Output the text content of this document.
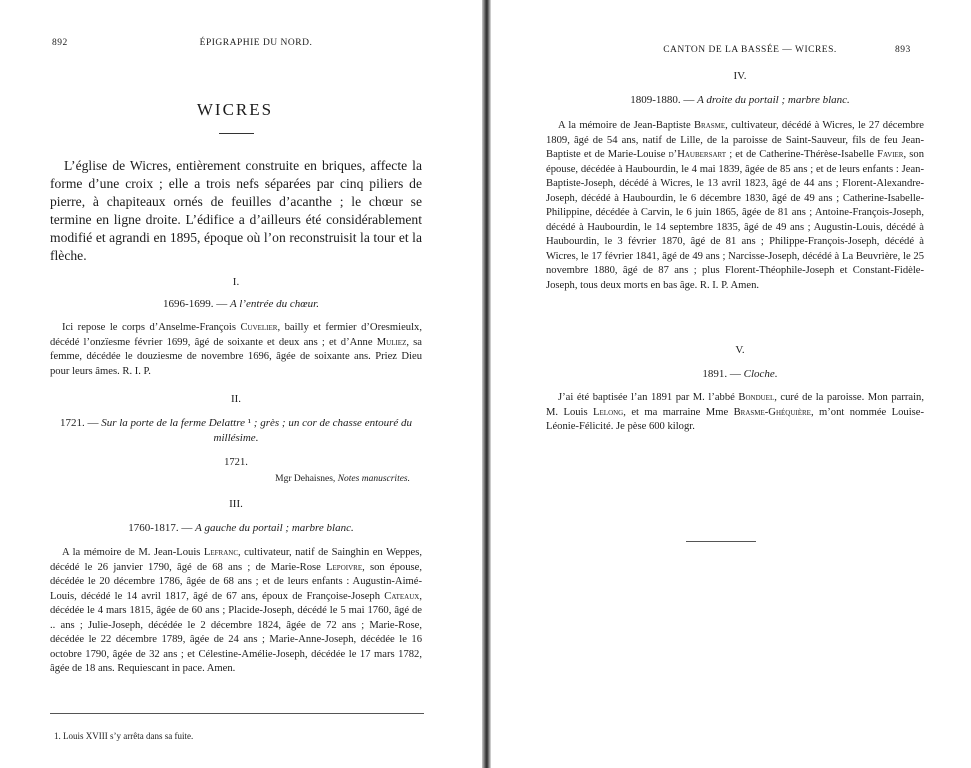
892	ÉPIGRAPHIE DU NORD.
WICRES
L’église de Wicres, entièrement construite en briques, affecte la forme d’une croix ; elle a trois nefs séparées par cinq piliers de pierre, à chapiteaux ornés de feuilles d’acanthe ; le chœur se termine en ligne droite. L’édifice a d’ailleurs été considérablement modifié et agrandi en 1895, époque où l’on reconstruisit la tour et la flèche.
I.
1696-1699. — A l’entrée du chœur.
Ici repose le corps d’Anselme-François Cuvelier, bailly et fermier d’Oresmieulx, décédé l’onzïesme février 1699, âgé de soixante et deux ans ; et d’Anne Muliez, sa femme, décédée le douziesme de novembre 1696, âgée de soixante ans. Priez Dieu pour leurs âmes. R. I. P.
II.
1721. — Sur la porte de la ferme Delattre ¹ ; grès ; un cor de chasse entouré du millésime.
1721.
Mgr Dehaisnes, Notes manuscrites.
III.
1760-1817. — A gauche du portail ; marbre blanc.
A la mémoire de M. Jean-Louis Lefranc, cultivateur, natif de Sainghin en Weppes, décédé le 26 janvier 1790, âgé de 68 ans ; de Marie-Rose Lepoivre, son épouse, décédée le 20 décembre 1786, âgée de 68 ans ; et de leurs enfants : Augustin-Aimé-Louis, décédé le 14 avril 1817, âgé de 67 ans, époux de Françoise-Joseph Cateaux, décédée le 4 mars 1815, âgée de 60 ans ; Placide-Joseph, décédé le 5 mai 1760, âgé de .. ans ; Julie-Joseph, décédée le 2 décembre 1824, âgée de 72 ans ; Marie-Rose, décédée le 22 décembre 1789, âgée de 24 ans ; Marie-Anne-Joseph, décédée le 16 octobre 1790, âgée de 32 ans ; et Célestine-Amélie-Joseph, décédée le 17 mars 1782, âgée de 18 ans. Requiescant in pace. Amen.
1. Louis XVIII s’y arrêta dans sa fuite.
CANTON DE LA BASSÉE — WICRES.	893
IV.
1809-1880. — A droite du portail ; marbre blanc.
A la mémoire de Jean-Baptiste Brasme, cultivateur, décédé à Wicres, le 27 décembre 1809, âgé de 54 ans, natif de Lille, de la paroisse de Saint-Sauveur, fils de feu Jean-Baptiste et de Marie-Louise d’Haubersart ; et de Catherine-Thérèse-Isabelle Favier, son épouse, décédée à Haubourdin, le 4 mai 1839, âgée de 85 ans ; et de leurs enfants : Jean-Baptiste-Joseph, décédé à Wicres, le 13 avril 1823, âgé de 44 ans ; Florent-Alexandre-Joseph, décédé à Haubourdin, le 6 décembre 1830, âgé de 49 ans ; Catherine-Isabelle-Philippine, décédée à Carvin, le 6 juin 1865, âgée de 81 ans ; Antoine-François-Joseph, décédé à Haubourdin, le 14 septembre 1835, âgé de 49 ans ; Augustin-Louis, décédé à Haubourdin, le 3 février 1870, âgé de 81 ans ; Philippe-François-Joseph, décédé à Wicres, le 17 février 1841, âgé de 49 ans ; Narcisse-Joseph, décédé à La Beuvrière, le 25 novembre 1880, âgé de 87 ans ; plus Florent-Théophile-Joseph et Constant-Fidèle-Joseph, tous deux morts en bas âge. R. I. P. Amen.
V.
1891. — Cloche.
J’ai été baptisée l’an 1891 par M. l’abbé Bonduel, curé de la paroisse. Mon parrain, M. Louis Lelong, et ma marraine Mme Brasme-Ghéquière, m’ont nommée Louise-Léonie-Félicité. Je pèse 600 kilogr.
